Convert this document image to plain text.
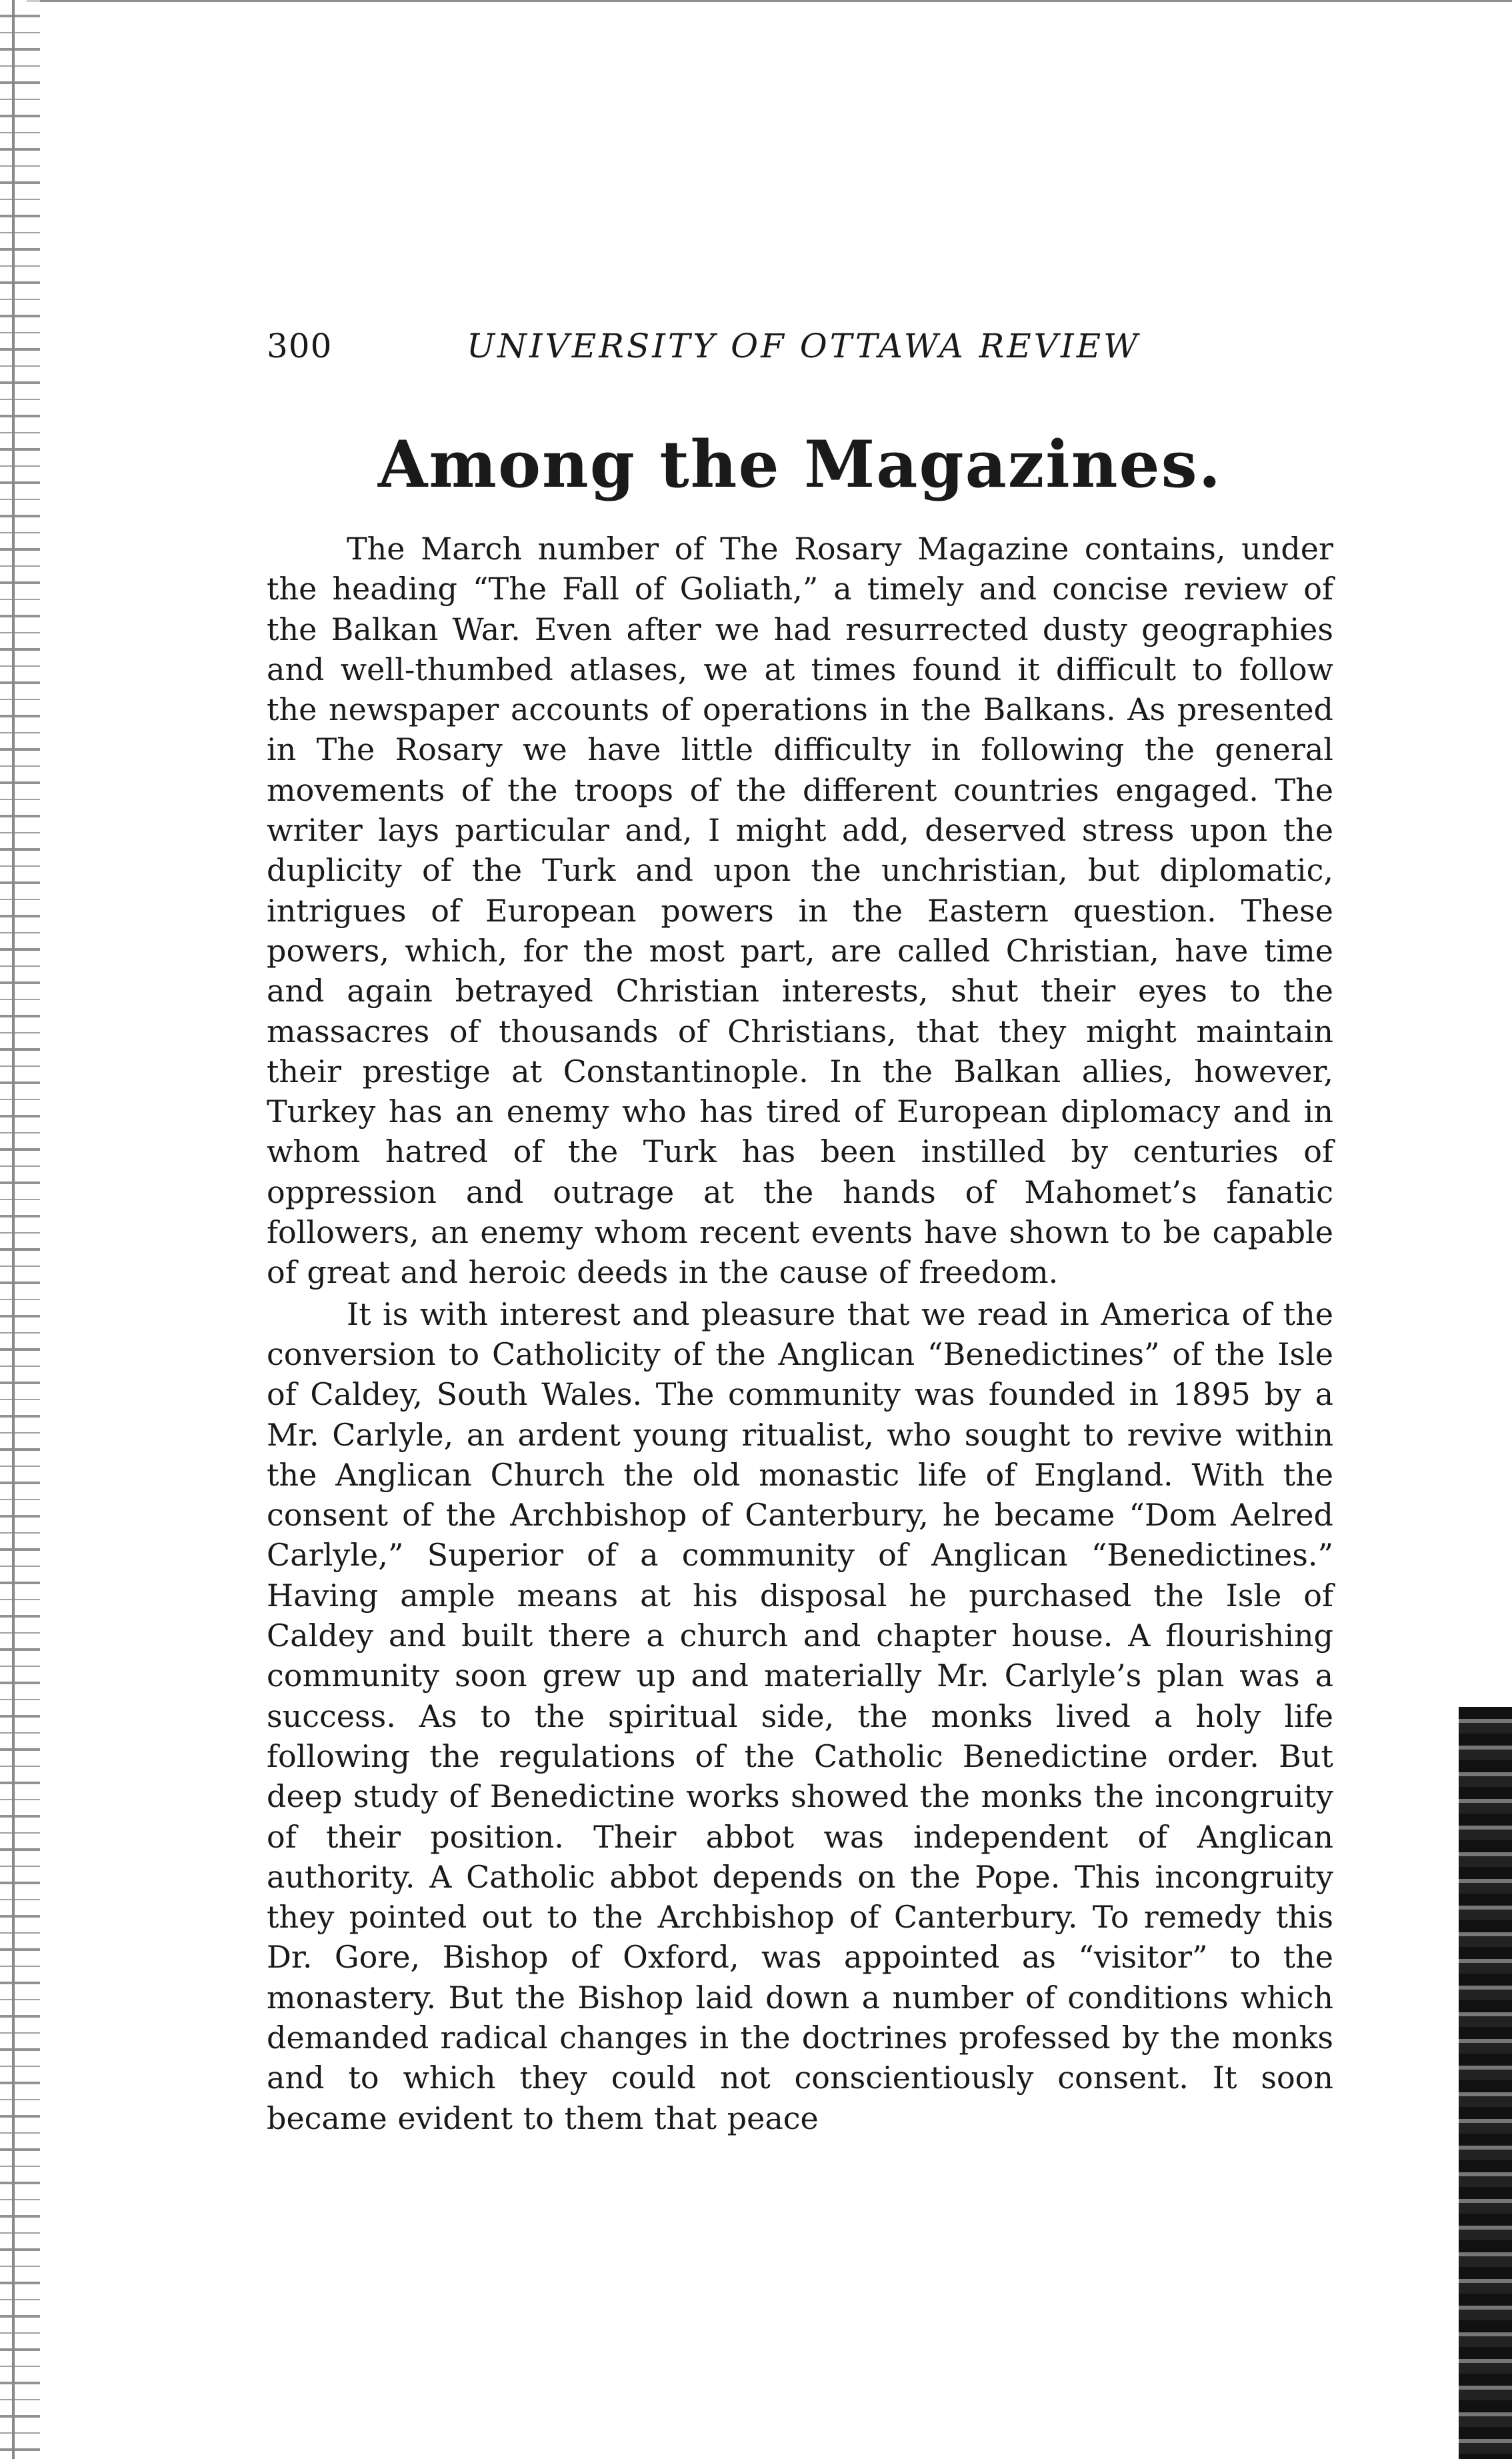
300	UNIVERSITY OF OTTAWA REVIEW
Among the Magazines.

The March number of The Rosary Magazine contains, under the heading “The Fall of Goliath,” a timely and concise review of the Balkan War. Even after we had resurrected dusty geographies and well-thumbed atlases, we at times found it difficult to follow the newspaper accounts of operations in the Balkans. As presented in The Rosary we have little difficulty in following the general movements of the troops of the different countries engaged. The writer lays particular and, I might add, deserved stress upon the duplicity of the Turk and upon the unchristian, but diplomatic, intrigues of European powers in the Eastern question. These powers, which, for the most part, are called Christian, have time and again betrayed Christian interests, shut their eyes to the massacres of thousands of Christians, that they might maintain their prestige at Constantinople. In the Balkan allies, however, Turkey has an enemy who has tired of European diplomacy and in whom hatred of the Turk has been instilled by centuries of oppression and outrage at the hands of Mahomet’s fanatic followers, an enemy whom recent events have shown to be capable of great and heroic deeds in the cause of freedom.

It is with interest and pleasure that we read in America of the conversion to Catholicity of the Anglican “Benedictines” of the Isle of Caldey, South Wales. The community was founded in 1895 by a Mr. Carlyle, an ardent young ritualist, who sought to revive within the Anglican Church the old monastic life of England. With the consent of the Archbishop of Canterbury, he became “Dom Aelred Carlyle,” Superior of a community of Anglican “Benedictines.” Having ample means at his disposal he purchased the Isle of Caldey and built there a church and chapter house. A flourishing community soon grew up and materially Mr. Carlyle’s plan was a success. As to the spiritual side, the monks lived a holy life following the regulations of the Catholic Benedictine order. But deep study of Benedictine works showed the monks the incongruity of their position. Their abbot was independent of Anglican authority. A Catholic abbot depends on the Pope. This incongruity they pointed out to the Archbishop of Canterbury. To remedy this Dr. Gore, Bishop of Oxford, was appointed as “visitor” to the monastery. But the Bishop laid down a number of conditions which demanded radical changes in the doctrines professed by the monks and to which they could not conscientiously consent. It soon became evident to them that peace
